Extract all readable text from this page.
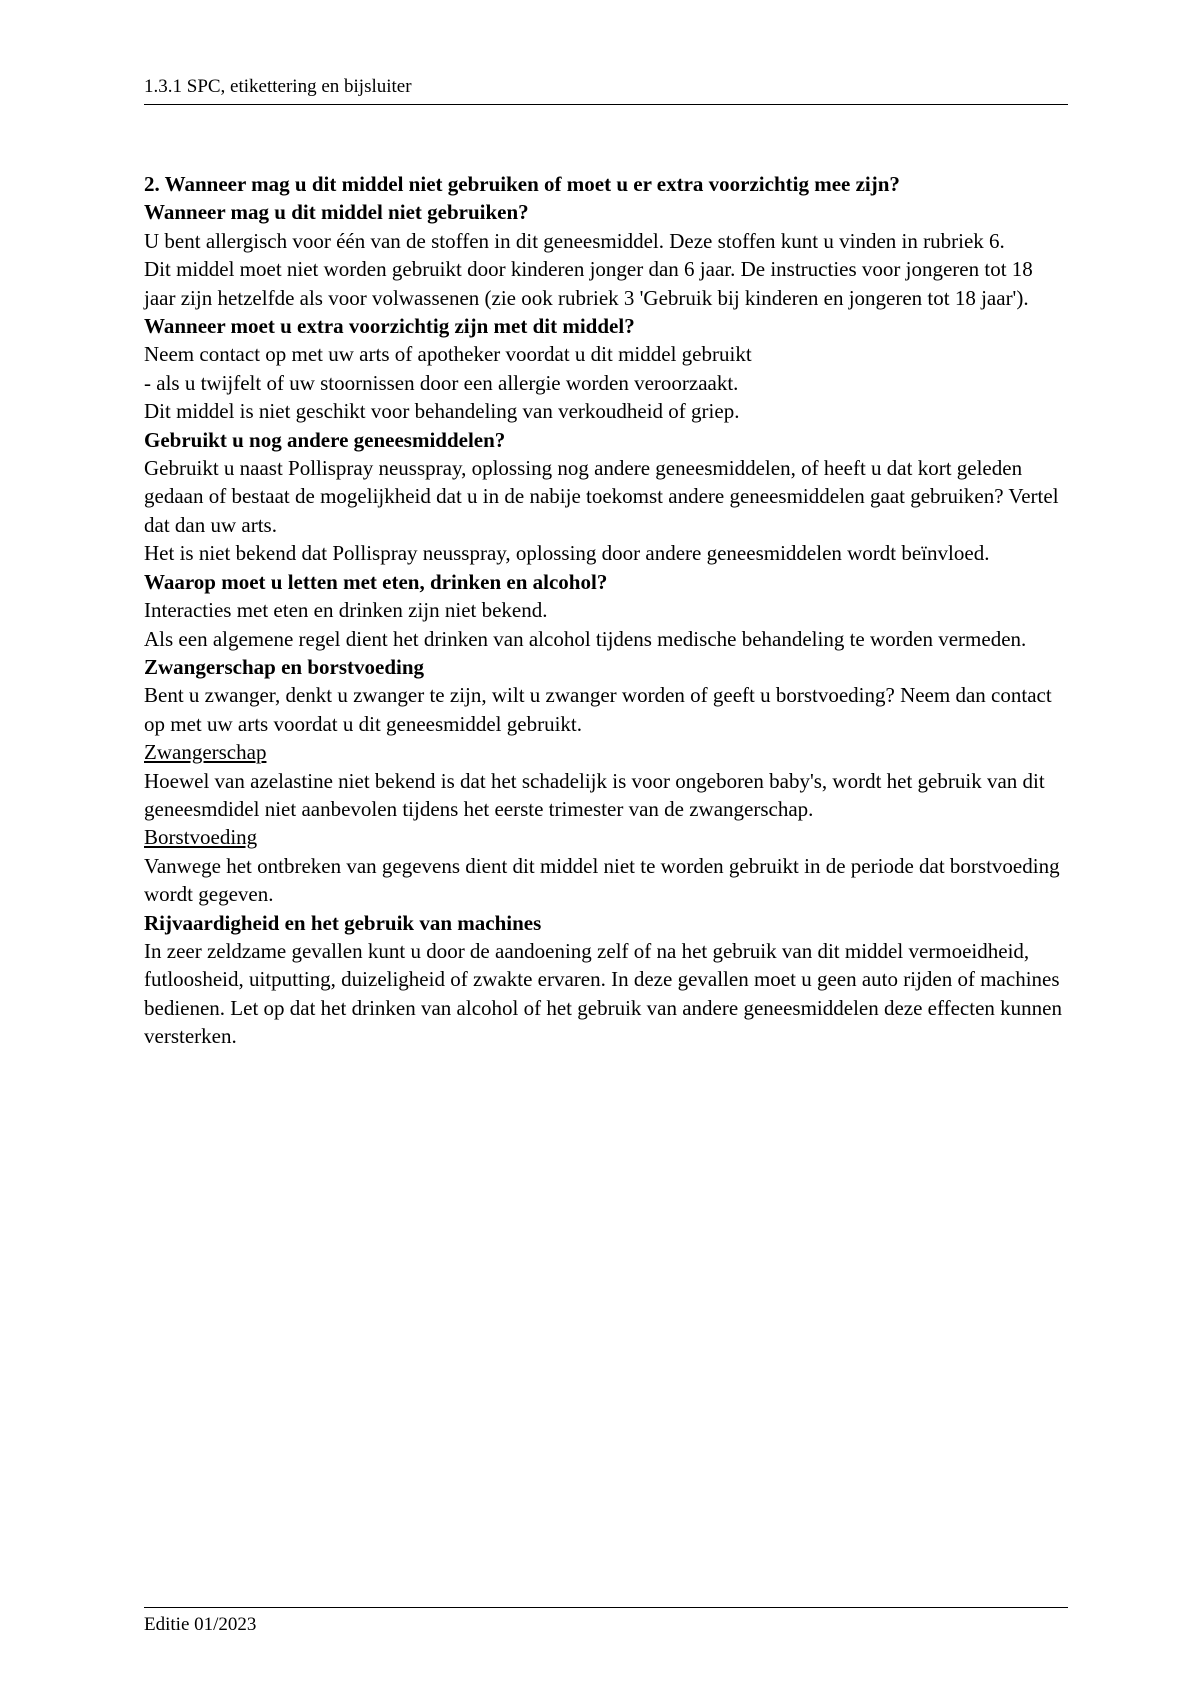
1.3.1 SPC, etikettering en bijsluiter

2. Wanneer mag u dit middel niet gebruiken of moet u er extra voorzichtig mee zijn?

Wanneer mag u dit middel niet gebruiken?

U bent allergisch voor één van de stoffen in dit geneesmiddel. Deze stoffen kunt u vinden in rubriek 6.

Dit middel moet niet worden gebruikt door kinderen jonger dan 6 jaar. De instructies voor jongeren tot 18 jaar zijn hetzelfde als voor volwassenen (zie ook rubriek 3 'Gebruik bij kinderen en jongeren tot 18 jaar').

Wanneer moet u extra voorzichtig zijn met dit middel?

Neem contact op met uw arts of apotheker voordat u dit middel gebruikt

- als u twijfelt of uw stoornissen door een allergie worden veroorzaakt.

Dit middel is niet geschikt voor behandeling van verkoudheid of griep.

Gebruikt u nog andere geneesmiddelen?

Gebruikt u naast Pollispray neusspray, oplossing nog andere geneesmiddelen, of heeft u dat kort geleden gedaan of bestaat de mogelijkheid dat u in de nabije toekomst andere geneesmiddelen gaat gebruiken? Vertel dat dan uw arts.

Het is niet bekend dat Pollispray neusspray, oplossing door andere geneesmiddelen wordt beïnvloed.

Waarop moet u letten met eten, drinken en alcohol?

Interacties met eten en drinken zijn niet bekend.

Als een algemene regel dient het drinken van alcohol tijdens medische behandeling te worden vermeden.

Zwangerschap en borstvoeding

Bent u zwanger, denkt u zwanger te zijn, wilt u zwanger worden of geeft u borstvoeding? Neem dan contact op met uw arts voordat u dit geneesmiddel gebruikt.

Zwangerschap

Hoewel van azelastine niet bekend is dat het schadelijk is voor ongeboren baby's, wordt het gebruik van dit geneesmdidel niet aanbevolen tijdens het eerste trimester van de zwangerschap.

Borstvoeding

Vanwege het ontbreken van gegevens dient dit middel niet te worden gebruikt in de periode dat borstvoeding wordt gegeven.

Rijvaardigheid en het gebruik van machines

In zeer zeldzame gevallen kunt u door de aandoening zelf of na het gebruik van dit middel vermoeidheid, futloosheid, uitputting, duizeligheid of zwakte ervaren. In deze gevallen moet u geen auto rijden of machines bedienen. Let op dat het drinken van alcohol of het gebruik van andere geneesmiddelen deze effecten kunnen versterken.

Editie 01/2023
